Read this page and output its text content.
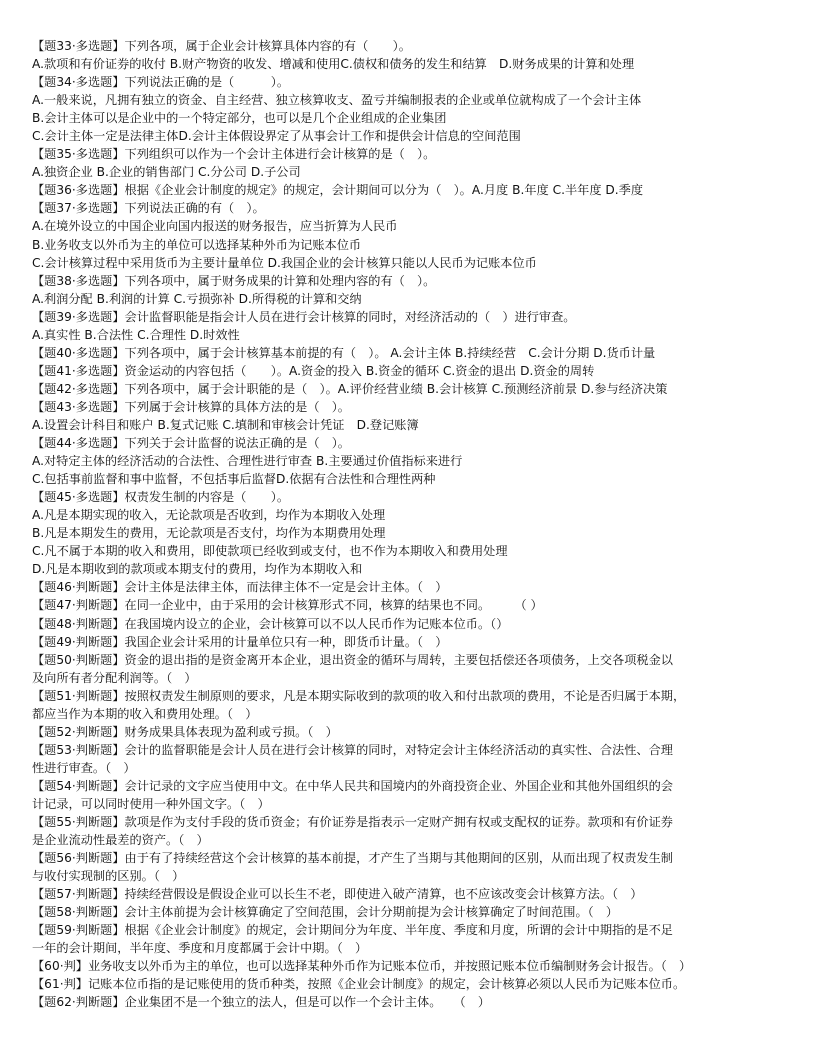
【题33·多选题】下列各项，属于企业会计核算具体内容的有（　　）。
A.款项和有价证券的收付 B.财产物资的收发、增减和使用C.债权和债务的发生和结算　D.财务成果的计算和处理
【题34·多选题】下列说法正确的是（　　　）。
A.一般来说，凡拥有独立的资金、自主经营、独立核算收支、盈亏并编制报表的企业或单位就构成了一个会计主体
B.会计主体可以是企业中的一个特定部分，也可以是几个企业组成的企业集团
C.会计主体一定是法律主体D.会计主体假设界定了从事会计工作和提供会计信息的空间范围
【题35·多选题】下列组织可以作为一个会计主体进行会计核算的是（　）。
A.独资企业 B.企业的销售部门 C.分公司 D.子公司
【题36·多选题】根据《企业会计制度的规定》的规定，会计期间可以分为（　）。A.月度 B.年度 C.半年度 D.季度
【题37·多选题】下列说法正确的有（　）。
A.在境外设立的中国企业向国内报送的财务报告，应当折算为人民币
B.业务收支以外币为主的单位可以选择某种外币为记账本位币
C.会计核算过程中采用货币为主要计量单位 D.我国企业的会计核算只能以人民币为记账本位币
【题38·多选题】下列各项中，属于财务成果的计算和处理内容的有（　）。
A.利润分配 B.利润的计算 C.亏损弥补 D.所得税的计算和交纳
【题39·多选题】会计监督职能是指会计人员在进行会计核算的同时，对经济活动的（　）进行审查。
A.真实性 B.合法性 C.合理性 D.时效性
【题40·多选题】下列各项中，属于会计核算基本前提的有（　）。 A.会计主体 B.持续经营　C.会计分期 D.货币计量
【题41·多选题】资金运动的内容包括（　　）。A.资金的投入 B.资金的循环 C.资金的退出 D.资金的周转
【题42·多选题】下列各项中，属于会计职能的是（　）。A.评价经营业绩 B.会计核算 C.预测经济前景 D.参与经济决策
【题43·多选题】下列属于会计核算的具体方法的是（　）。
A.设置会计科目和账户 B.复式记账 C.填制和审核会计凭证　D.登记账簿
【题44·多选题】下列关于会计监督的说法正确的是（　）。
A.对特定主体的经济活动的合法性、合理性进行审查 B.主要通过价值指标来进行
C.包括事前监督和事中监督，不包括事后监督D.依据有合法性和合理性两种
【题45·多选题】权责发生制的内容是（　　）。
A.凡是本期实现的收入，无论款项是否收到，均作为本期收入处理
B.凡是本期发生的费用，无论款项是否支付，均作为本期费用处理
C.凡不属于本期的收入和费用，即使款项已经收到或支付，也不作为本期收入和费用处理
D.凡是本期收到的款项或本期支付的费用，均作为本期收入和
【题46·判断题】会计主体是法律主体，而法律主体不一定是会计主体。（　）
【题47·判断题】在同一企业中，由于采用的会计核算形式不同，核算的结果也不同。　　　（ ）
【题48·判断题】在我国境内设立的企业，会计核算可以不以人民币作为记账本位币。（）
【题49·判断题】我国企业会计采用的计量单位只有一种，即货币计量。（　）
【题50·判断题】资金的退出指的是资金离开本企业，退出资金的循环与周转，主要包括偿还各项债务，上交各项税金以
及向所有者分配利润等。（　）
【题51·判断题】按照权责发生制原则的要求，凡是本期实际收到的款项的收入和付出款项的费用，不论是否归属于本期，
都应当作为本期的收入和费用处理。（　）
【题52·判断题】财务成果具体表现为盈利或亏损。（　）
【题53·判断题】会计的监督职能是会计人员在进行会计核算的同时，对特定会计主体经济活动的真实性、合法性、合理
性进行审查。（　）
【题54·判断题】会计记录的文字应当使用中文。在中华人民共和国境内的外商投资企业、外国企业和其他外国组织的会
计记录，可以同时使用一种外国文字。（　）
【题55·判断题】款项是作为支付手段的货币资金；有价证券是指表示一定财产拥有权或支配权的证券。款项和有价证券
是企业流动性最差的资产。（　）
【题56·判断题】由于有了持续经营这个会计核算的基本前提，才产生了当期与其他期间的区别，从而出现了权责发生制
与收付实现制的区别。（　）
【题57·判断题】持续经营假设是假设企业可以长生不老，即使进入破产清算，也不应该改变会计核算方法。（　）
【题58·判断题】会计主体前提为会计核算确定了空间范围，会计分期前提为会计核算确定了时间范围。（　）
【题59·判断题】根据《企业会计制度》的规定，会计期间分为年度、半年度、季度和月度，所谓的会计中期指的是不足
一年的会计期间，半年度、季度和月度都属于会计中期。（　）
【60·判】业务收支以外币为主的单位，也可以选择某种外币作为记账本位币，并按照记账本位币编制财务会计报告。（　）
【61·判】记账本位币指的是记账使用的货币种类，按照《企业会计制度》的规定，会计核算必须以人民币为记账本位币。
【题62·判断题】企业集团不是一个独立的法人，但是可以作一个会计主体。　　（　）
